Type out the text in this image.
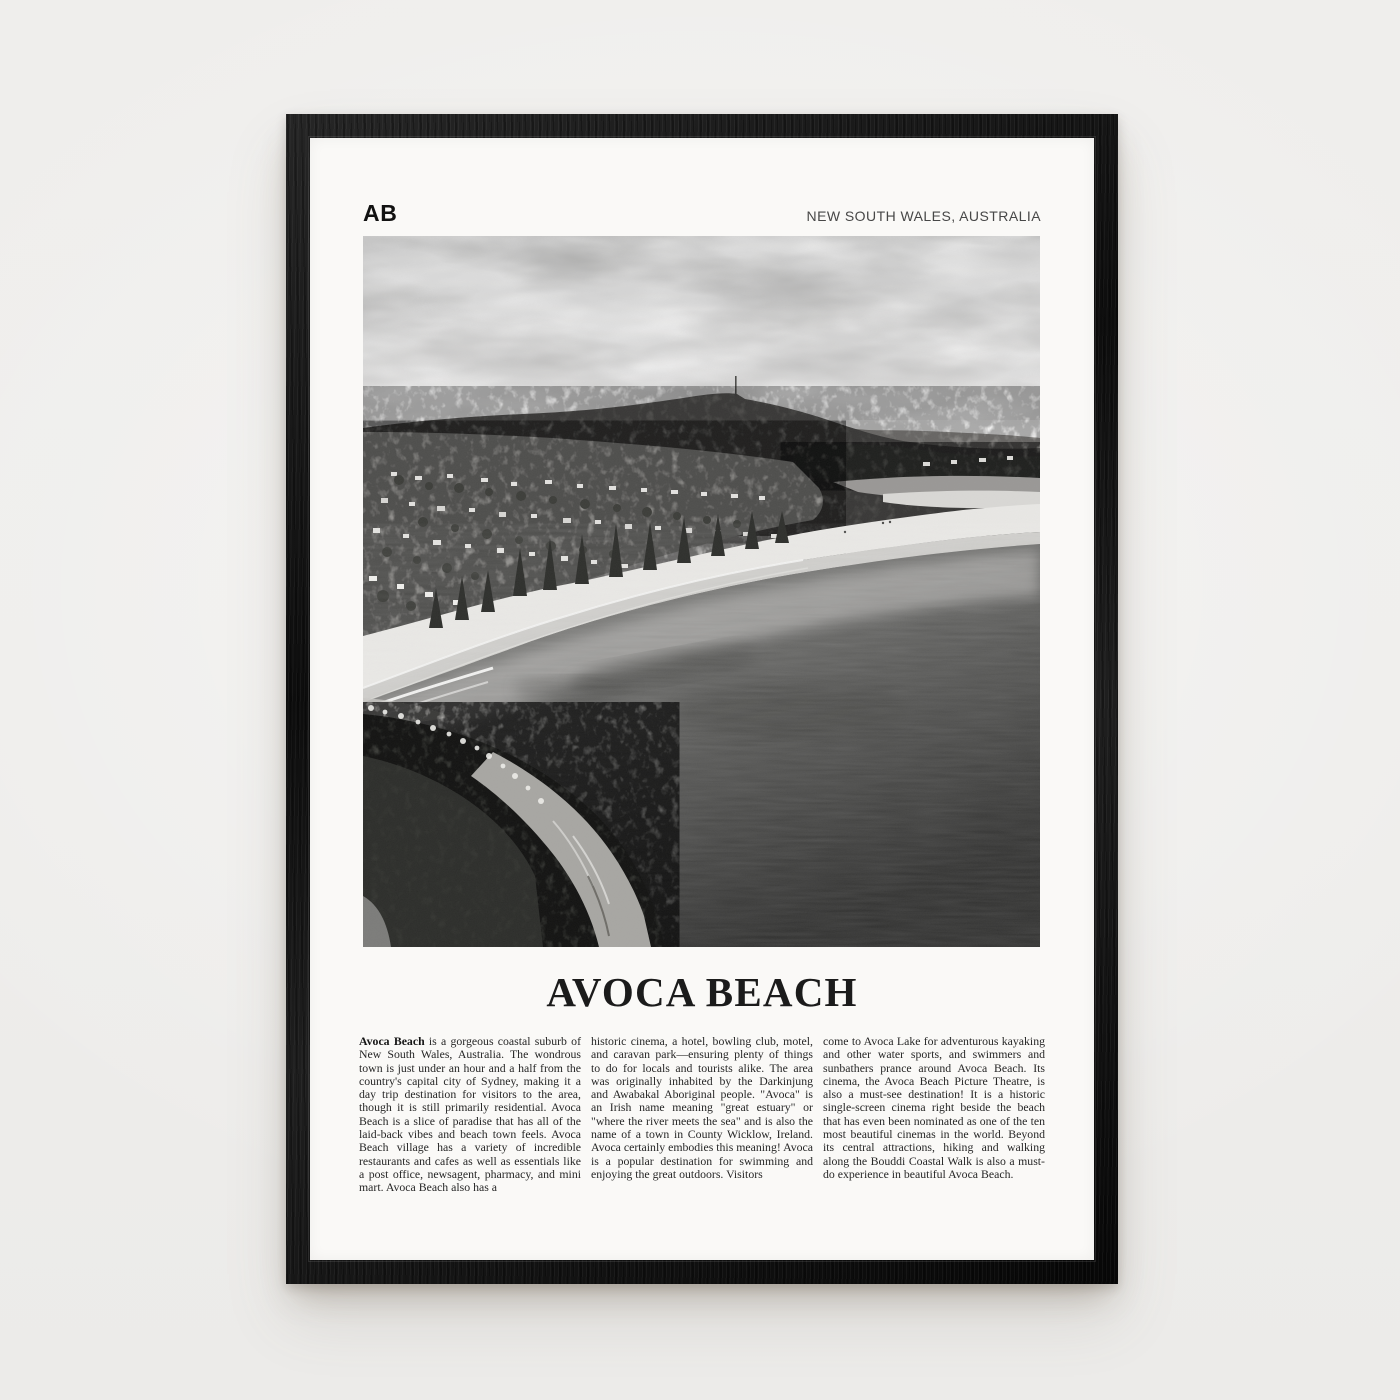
AB	NEW SOUTH WALES, AUSTRALIA
AVOCA BEACH
Avoca Beach is a gorgeous coastal suburb of New South Wales, Australia. The wondrous town is just under an hour and a half from the country's capital city of Sydney, making it a day trip destination for visitors to the area, though it is still primarily residential. Avoca Beach is a slice of paradise that has all of the laid-back vibes and beach town feels. Avoca Beach village has a variety of incredible restaurants and cafes as well as essentials like a post office, newsagent, pharmacy, and mini mart. Avoca Beach also has a
historic cinema, a hotel, bowling club, motel, and caravan park—ensuring plenty of things to do for locals and tourists alike. The area was originally inhabited by the Darkinjung and Awabakal Aboriginal people. "Avoca" is an Irish name meaning "great estuary" or "where the river meets the sea" and is also the name of a town in County Wicklow, Ireland. Avoca certainly embodies this meaning! Avoca is a popular destination for swimming and enjoying the great outdoors. Visitors
come to Avoca Lake for adventurous kayaking and other water sports, and swimmers and sunbathers prance around Avoca Beach. Its cinema, the Avoca Beach Picture Theatre, is also a must-see destination! It is a historic single-screen cinema right beside the beach that has even been nominated as one of the ten most beautiful cinemas in the world. Beyond its central attractions, hiking and walking along the Bouddi Coastal Walk is also a must-do experience in beautiful Avoca Beach.
